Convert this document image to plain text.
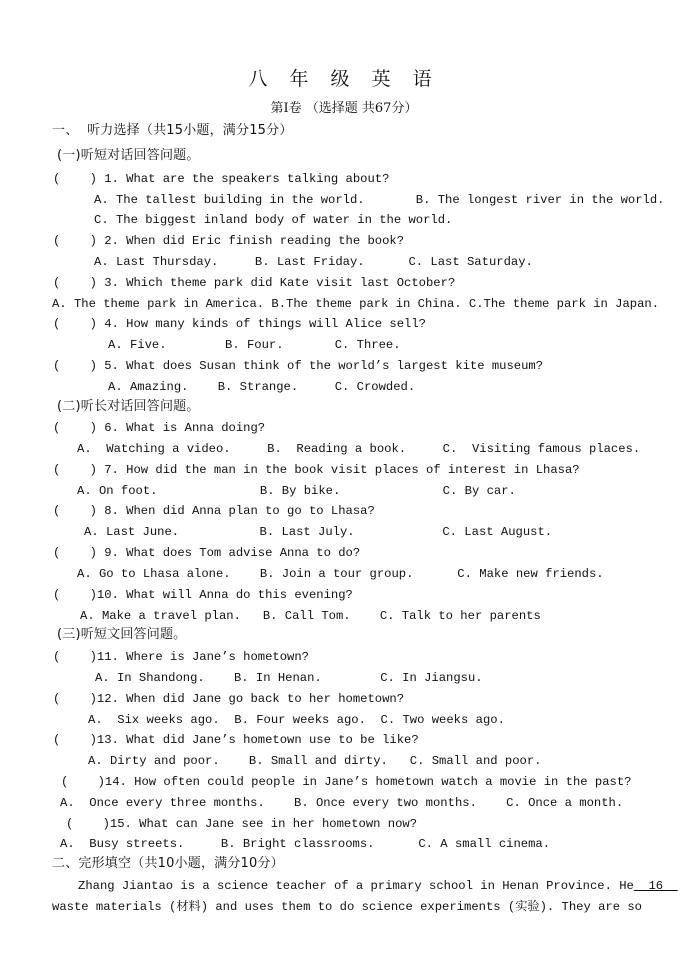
八 年 级 英 语
第Ⅰ卷 （选择题 共67分）
一、  听力选择（共15小题，满分15分）
(一)听短对话回答问题。
(    ) 1. What are the speakers talking about?
A. The tallest building in the world.       B. The longest river in the world.
C. The biggest inland body of water in the world.
(    ) 2. When did Eric finish reading the book?
A. Last Thursday.     B. Last Friday.      C. Last Saturday.
(    ) 3. Which theme park did Kate visit last October?
A. The theme park in America. B.The theme park in China. C.The theme park in Japan.
(    ) 4. How many kinds of things will Alice sell?
A. Five.        B. Four.       C. Three.
(    ) 5. What does Susan think of the world’s largest kite museum?
A. Amazing.    B. Strange.     C. Crowded.
(二)听长对话回答问题。
(    ) 6. What is Anna doing?
A.  Watching a video.     B.  Reading a book.     C.  Visiting famous places.
(    ) 7. How did the man in the book visit places of interest in Lhasa?
A. On foot.              B. By bike.              C. By car.
(    ) 8. When did Anna plan to go to Lhasa?
A. Last June.           B. Last July.            C. Last August.
(    ) 9. What does Tom advise Anna to do?
A. Go to Lhasa alone.    B. Join a tour group.      C. Make new friends.
(    )10. What will Anna do this evening?
A. Make a travel plan.   B. Call Tom.    C. Talk to her parents
(三)听短文回答问题。
(    )11. Where is Jane’s hometown?
A. In Shandong.    B. In Henan.        C. In Jiangsu.
(    )12. When did Jane go back to her hometown?
A.  Six weeks ago.  B. Four weeks ago.  C. Two weeks ago.
(    )13. What did Jane’s hometown use to be like?
A. Dirty and poor.    B. Small and dirty.   C. Small and poor.
(    )14. How often could people in Jane’s hometown watch a movie in the past?
A.  Once every three months.    B. Once every two months.    C. Once a month.
(    )15. What can Jane see in her hometown now?
A.  Busy streets.     B. Bright classrooms.      C. A small cinema.
二、完形填空（共10小题，满分10分）
Zhang Jiantao is a science teacher of a primary school in Henan Province. He  16
waste materials (材料) and uses them to do science experiments (实验). They are so
